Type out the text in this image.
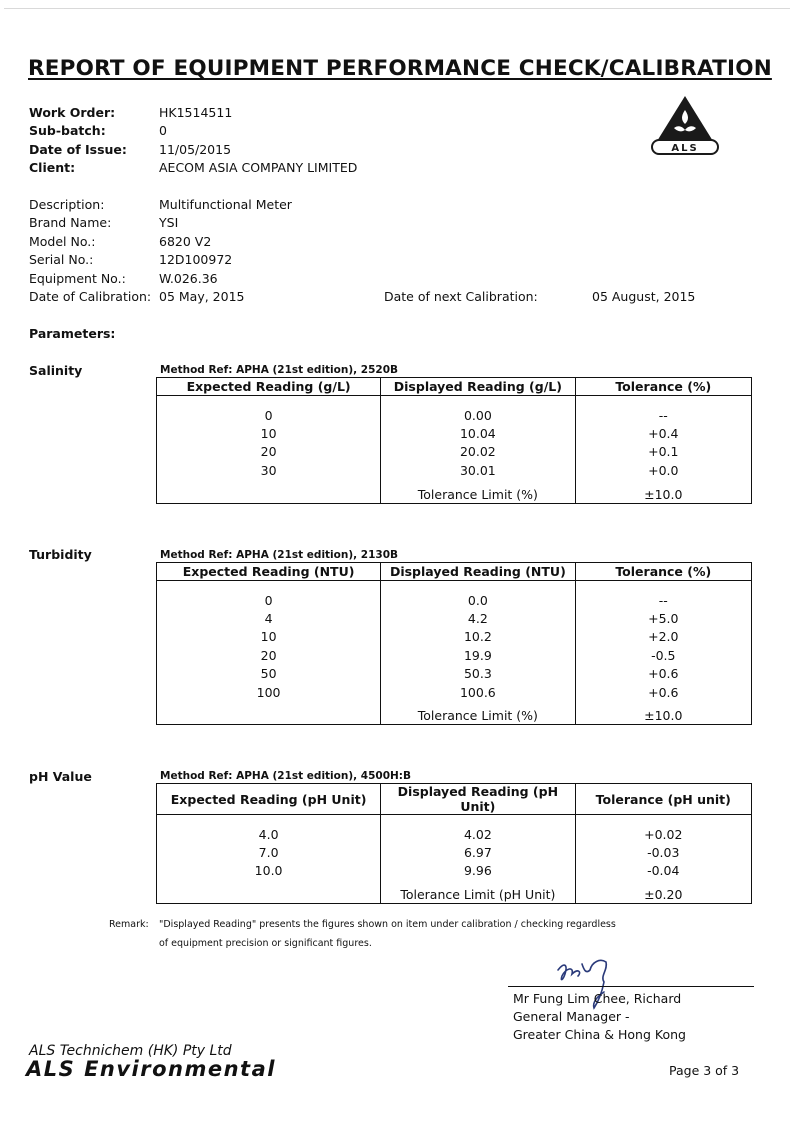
REPORT OF EQUIPMENT PERFORMANCE CHECK/CALIBRATION
Work Order:	HK1514511
Sub-batch:	0
Date of Issue:	11/05/2015
Client:	AECOM ASIA COMPANY LIMITED
ALS
Description:	Multifunctional Meter
Brand Name:	YSI
Model No.:	6820 V2
Serial No.:	12D100972
Equipment No.:	W.026.36
Date of Calibration: 05 May, 2015	Date of next Calibration:	05 August, 2015
Parameters:
Salinity	Method Ref: APHA (21st edition), 2520B
Expected Reading (g/L)	Displayed Reading (g/L)	Tolerance (%)

0	0.00	--
10	10.04	+0.4
20	20.02	+0.1
30	30.01	+0.0
	Tolerance Limit (%)	±10.0
Turbidity	Method Ref: APHA (21st edition), 2130B
Expected Reading (NTU)	Displayed Reading (NTU)	Tolerance (%)

0	0.0	--
4	4.2	+5.0
10	10.2	+2.0
20	19.9	-0.5
50	50.3	+0.6
100	100.6	+0.6
	Tolerance Limit (%)	±10.0
pH Value	Method Ref: APHA (21st edition), 4500H:B
Expected Reading (pH Unit)	Displayed Reading (pH Unit)	Tolerance (pH unit)

4.0	4.02	+0.02
7.0	6.97	-0.03
10.0	9.96	-0.04
	Tolerance Limit (pH Unit)	±0.20
Remark: "Displayed Reading" presents the figures shown on item under calibration / checking regardless
of equipment precision or significant figures.
Mr Fung Lim Chee, Richard
General Manager -
Greater China & Hong Kong
ALS Technichem (HK) Pty Ltd
ALS Environmental	Page 3 of 3
